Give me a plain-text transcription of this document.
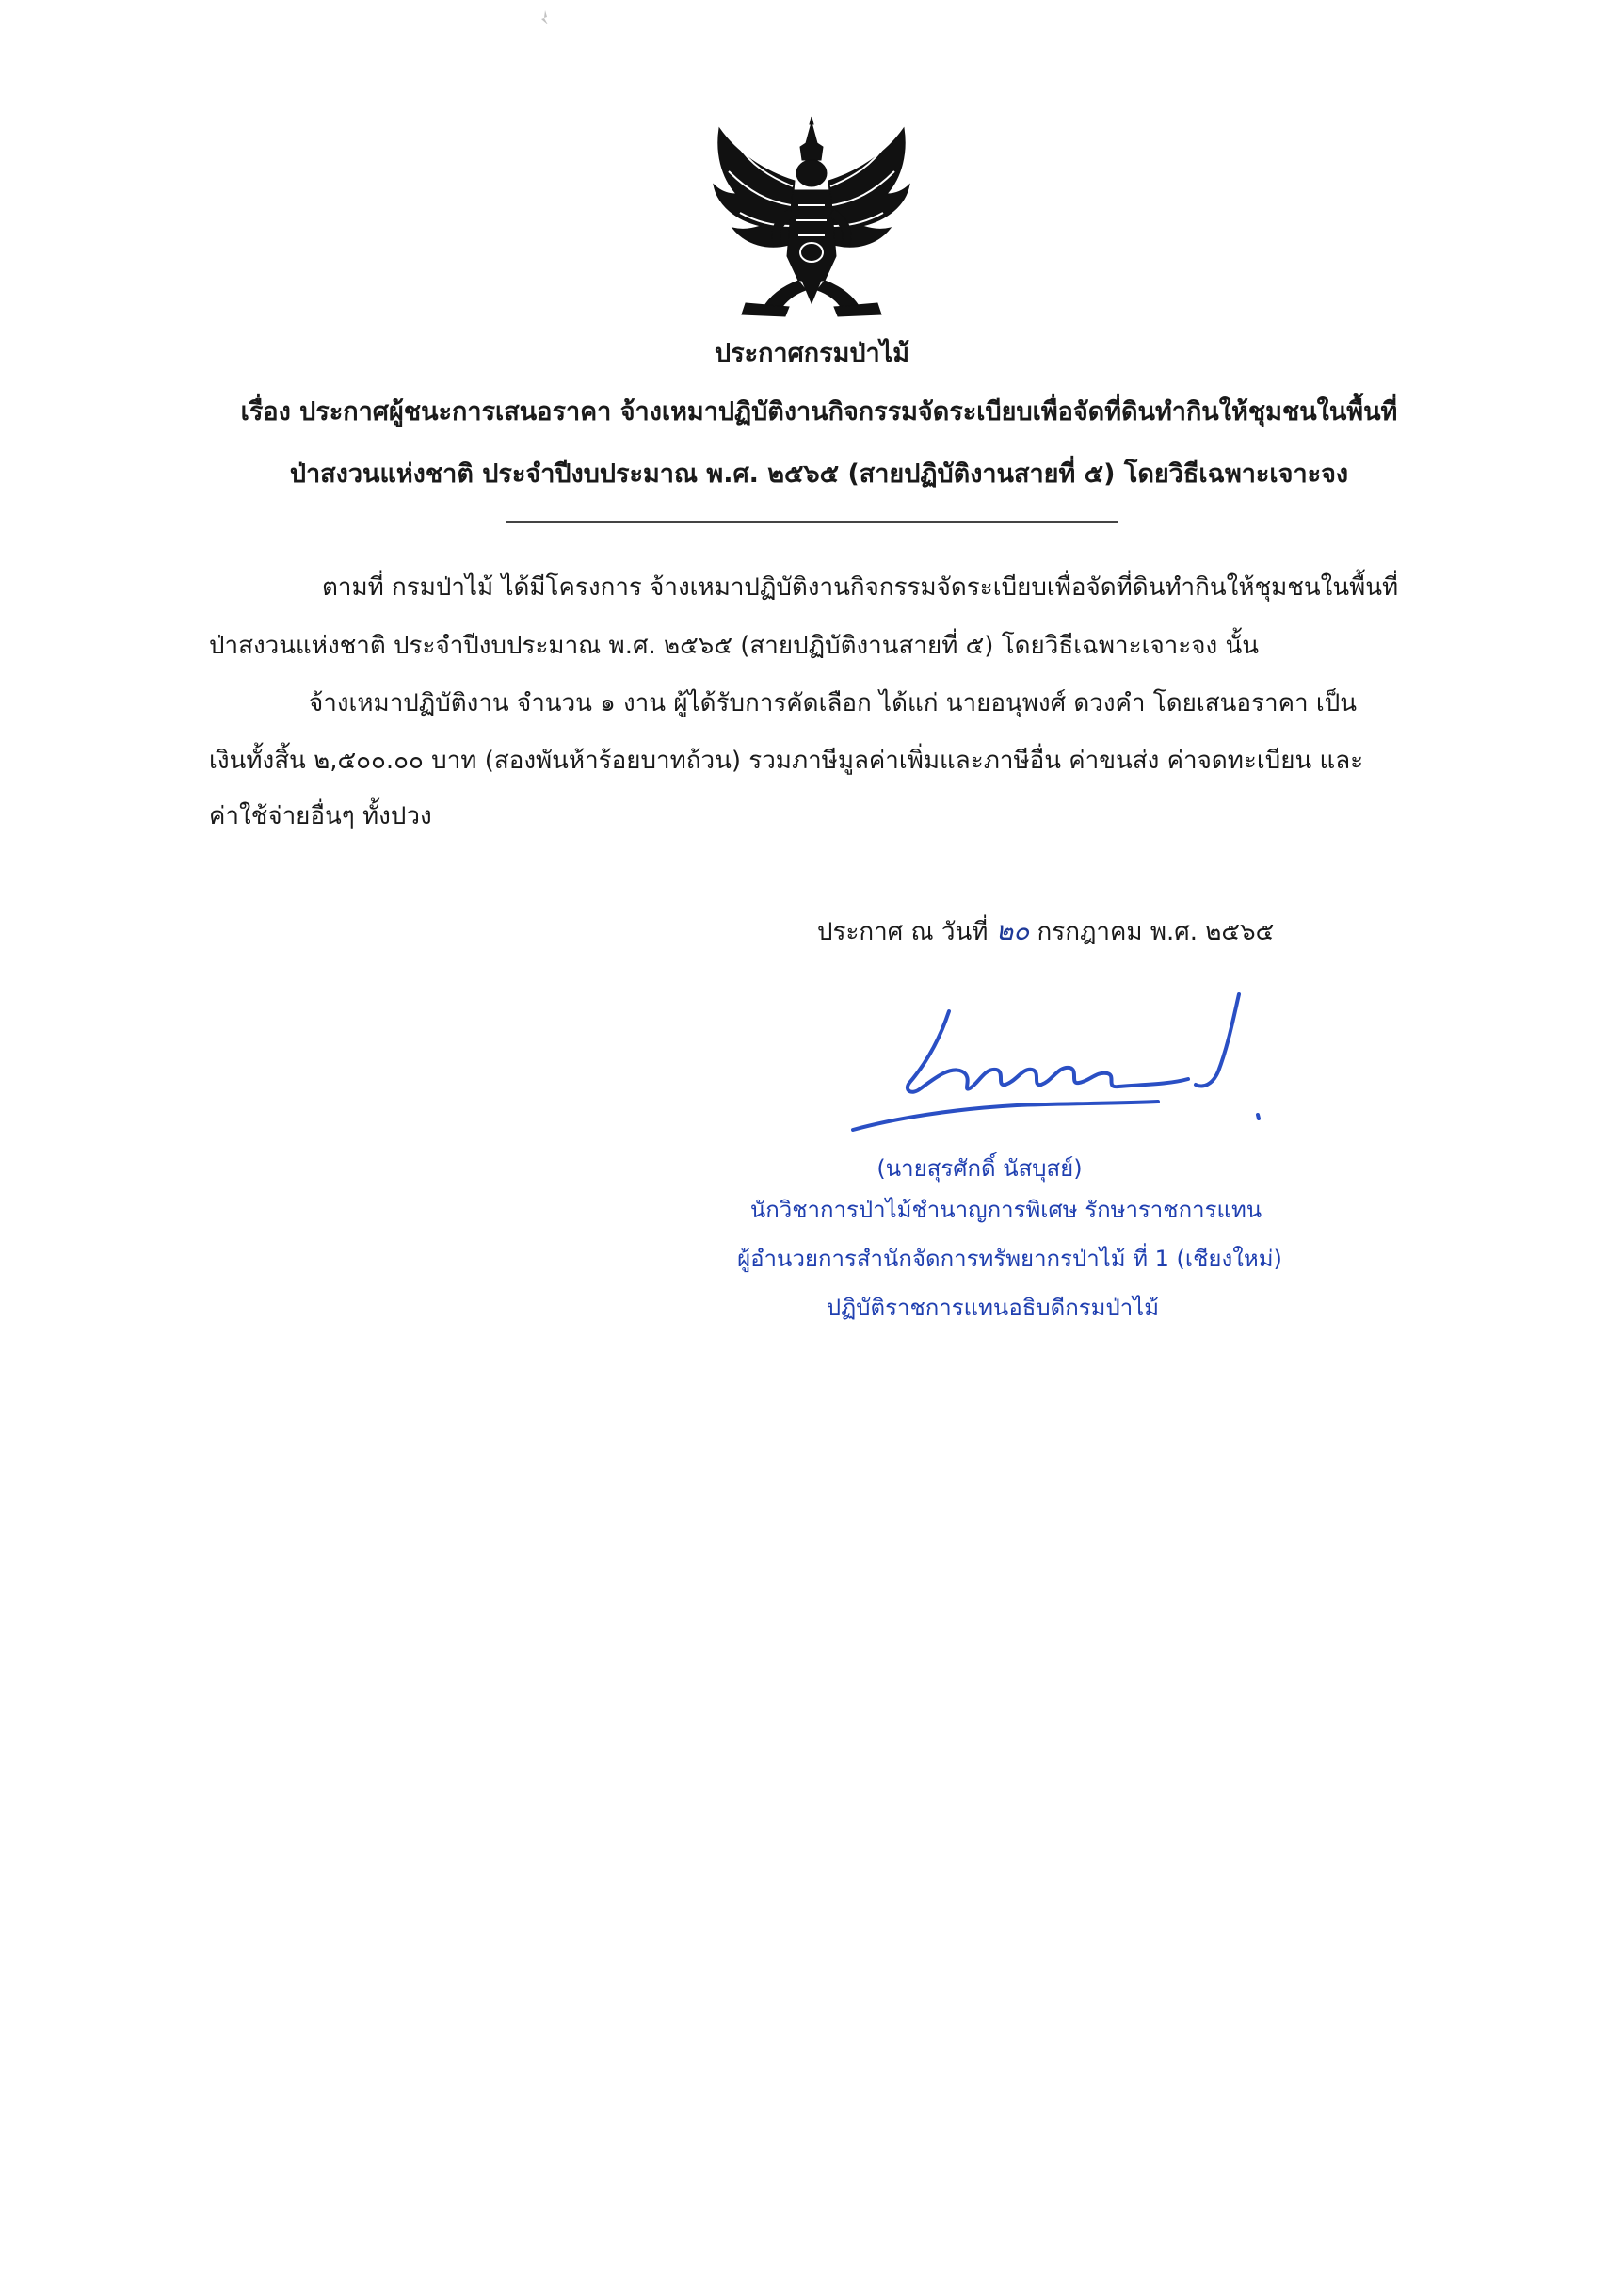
ประกาศกรมป่าไม้
เรื่อง ประกาศผู้ชนะการเสนอราคา จ้างเหมาปฏิบัติงานกิจกรรมจัดระเบียบเพื่อจัดที่ดินทำกินให้ชุมชนในพื้นที่
ป่าสงวนแห่งชาติ ประจำปีงบประมาณ พ.ศ. ๒๕๖๕ (สายปฏิบัติงานสายที่ ๕) โดยวิธีเฉพาะเจาะจง
ตามที่ กรมป่าไม้ ได้มีโครงการ จ้างเหมาปฏิบัติงานกิจกรรมจัดระเบียบเพื่อจัดที่ดินทำกินให้ชุมชนในพื้นที่
ป่าสงวนแห่งชาติ ประจำปีงบประมาณ พ.ศ. ๒๕๖๕ (สายปฏิบัติงานสายที่ ๕) โดยวิธีเฉพาะเจาะจง นั้น
จ้างเหมาปฏิบัติงาน จำนวน ๑ งาน ผู้ได้รับการคัดเลือก ได้แก่ นายอนุพงศ์ ดวงคำ โดยเสนอราคา เป็น
เงินทั้งสิ้น ๒,๕๐๐.๐๐ บาท (สองพันห้าร้อยบาทถ้วน) รวมภาษีมูลค่าเพิ่มและภาษีอื่น ค่าขนส่ง ค่าจดทะเบียน และ
ค่าใช้จ่ายอื่นๆ ทั้งปวง
ประกาศ ณ วันที่ ๒๐ กรกฎาคม พ.ศ. ๒๕๖๕
(นายสุรศักดิ์ นัสบุสย์)
นักวิชาการป่าไม้ชำนาญการพิเศษ รักษาราชการแทน
ผู้อำนวยการสำนักจัดการทรัพยากรป่าไม้ ที่ 1 (เชียงใหม่)
ปฏิบัติราชการแทนอธิบดีกรมป่าไม้
